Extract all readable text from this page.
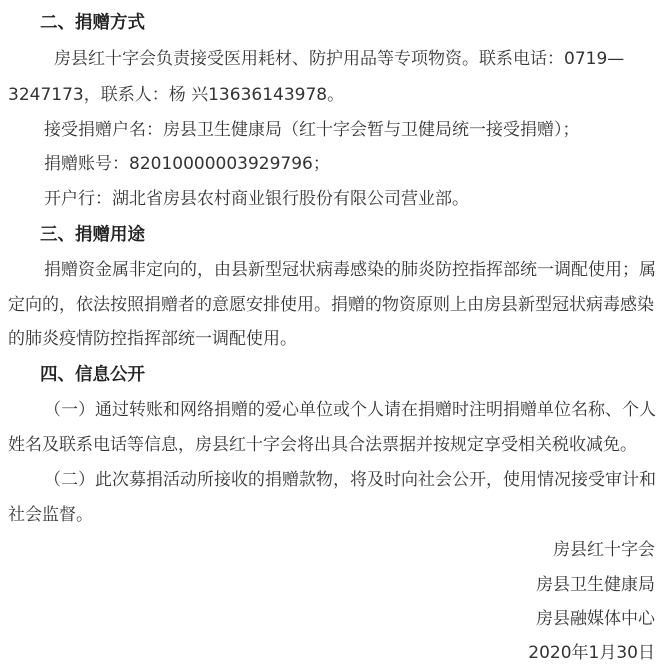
二、捐赠方式
房县红十字会负责接受医用耗材、防护用品等专项物资。联系电话：0719—
3247173，联系人：杨 兴13636143978。
接受捐赠户名：房县卫生健康局（红十字会暂与卫健局统一接受捐赠）；
捐赠账号：82010000003929796；
开户行：湖北省房县农村商业银行股份有限公司营业部。
三、捐赠用途
捐赠资金属非定向的，由县新型冠状病毒感染的肺炎防控指挥部统一调配使用；属
定向的，依法按照捐赠者的意愿安排使用。捐赠的物资原则上由房县新型冠状病毒感染
的肺炎疫情防控指挥部统一调配使用。
四、信息公开
（一）通过转账和网络捐赠的爱心单位或个人请在捐赠时注明捐赠单位名称、个人
姓名及联系电话等信息，房县红十字会将出具合法票据并按规定享受相关税收减免。
（二）此次募捐活动所接收的捐赠款物，将及时向社会公开，使用情况接受审计和
社会监督。
房县红十字会
房县卫生健康局
房县融媒体中心
2020年1月30日
